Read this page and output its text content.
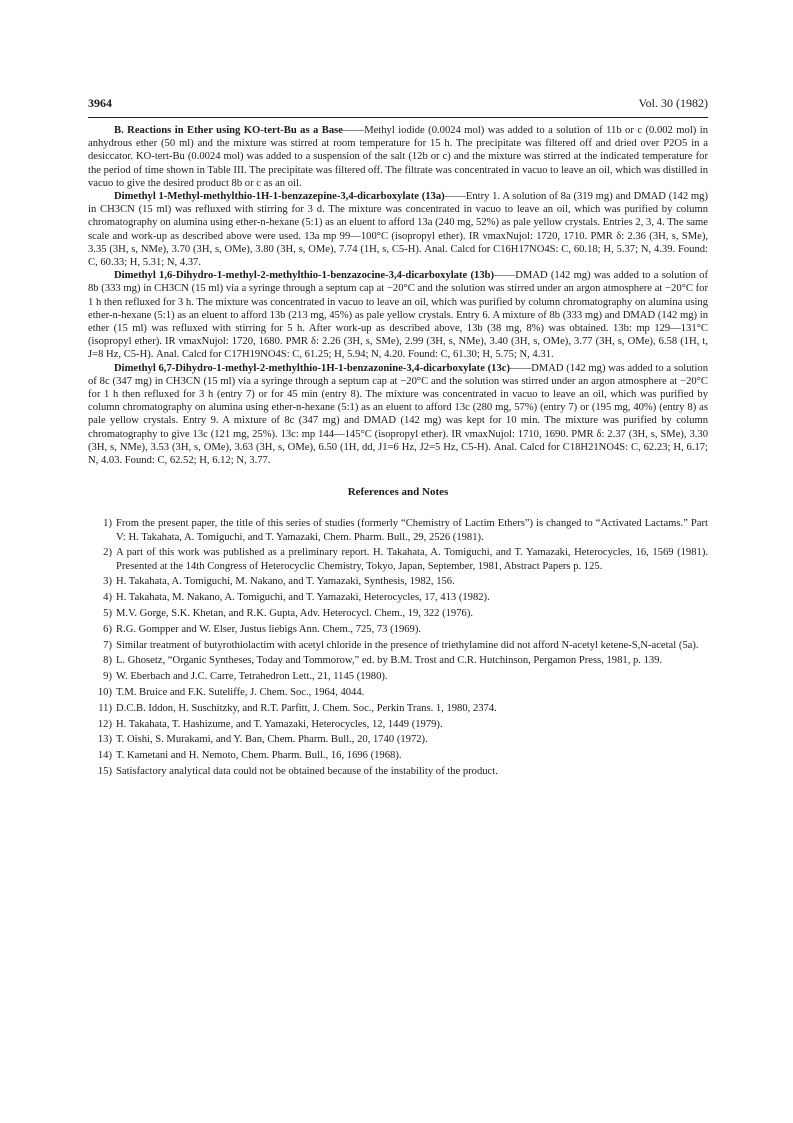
3964	Vol. 30 (1982)

B. Reactions in Ether using KO-tert-Bu as a Base——Methyl iodide (0.0024 mol) was added to a solution of 11b or c (0.002 mol) in anhydrous ether (50 ml) and the mixture was stirred at room temperature for 15 h. The precipitate was filtered off and dried over P2O5 in a desiccator. KO-tert-Bu (0.0024 mol) was added to a suspension of the salt (12b or c) and the mixture was stirred at the indicated temperature for the period of time shown in Table III. The precipitate was filtered off. The filtrate was concentrated in vacuo to leave an oil, which was distilled in vacuo to give the desired product 8b or c as an oil.

Dimethyl 1-Methyl-methylthio-1H-1-benzazepine-3,4-dicarboxylate (13a)——Entry 1. A solution of 8a (319 mg) and DMAD (142 mg) in CH3CN (15 ml) was refluxed with stirring for 3 d. The mixture was concentrated in vacuo to leave an oil, which was purified by column chromatography on alumina using ether-n-hexane (5:1) as an eluent to afford 13a (240 mg, 52%) as pale yellow crystals. Entries 2, 3, 4. The same scale and work-up as described above were used. 13a mp 99—100°C (isopropyl ether). IR νmaxNujol: 1720, 1710. PMR δ: 2.36 (3H, s, SMe), 3.35 (3H, s, NMe), 3.70 (3H, s, OMe), 3.80 (3H, s, OMe), 7.74 (1H, s, C5-H). Anal. Calcd for C16H17NO4S: C, 60.18; H, 5.37; N, 4.39. Found: C, 60.33; H, 5.31; N, 4.37.

Dimethyl 1,6-Dihydro-1-methyl-2-methylthio-1-benzazocine-3,4-dicarboxylate (13b)——DMAD (142 mg) was added to a solution of 8b (333 mg) in CH3CN (15 ml) via a syringe through a septum cap at −20°C and the solution was stirred under an argon atmosphere at −20°C for 1 h then refluxed for 3 h. The mixture was concentrated in vacuo to leave an oil, which was purified by column chromatography on alumina using ether-n-hexane (5:1) as an eluent to afford 13b (213 mg, 45%) as pale yellow crystals. Entry 6. A mixture of 8b (333 mg) and DMAD (142 mg) in ether (15 ml) was refluxed with stirring for 5 h. After work-up as described above, 13b (38 mg, 8%) was obtained. 13b: mp 129—131°C (isopropyl ether). IR νmaxNujol: 1720, 1680. PMR δ: 2.26 (3H, s, SMe), 2.99 (3H, s, NMe), 3.40 (3H, s, OMe), 3.77 (3H, s, OMe), 6.58 (1H, t, J=8 Hz, C5-H). Anal. Calcd for C17H19NO4S: C, 61.25; H, 5.94; N, 4.20. Found: C, 61.30; H, 5.75; N, 4.31.

Dimethyl 6,7-Dihydro-1-methyl-2-methylthio-1H-1-benzazonine-3,4-dicarboxylate (13c)——DMAD (142 mg) was added to a solution of 8c (347 mg) in CH3CN (15 ml) via a syringe through a septum cap at −20°C and the solution was stirred under an argon atmosphere at −20°C for 1 h then refluxed for 3 h (entry 7) or for 45 min (entry 8). The mixture was concentrated in vacuo to leave an oil, which was purified by column chromatography on alumina using ether-n-hexane (5:1) as an eluent to afford 13c (280 mg, 57%) (entry 7) or (195 mg, 40%) (entry 8) as pale yellow crystals. Entry 9. A mixture of 8c (347 mg) and DMAD (142 mg) was kept for 10 min. The mixture was purified by column chromatography to give 13c (121 mg, 25%). 13c: mp 144—145°C (isopropyl ether). IR νmaxNujol: 1710, 1690. PMR δ: 2.37 (3H, s, SMe), 3.30 (3H, s, NMe), 3.53 (3H, s, OMe), 3.63 (3H, s, OMe), 6.50 (1H, dd, J1=6 Hz, J2=5 Hz, C5-H). Anal. Calcd for C18H21NO4S: C, 62.23; H, 6.17; N, 4.03. Found: C, 62.52; H, 6.12; N, 3.77.

References and Notes
1) From the present paper, the title of this series of studies (formerly “Chemistry of Lactim Ethers”) is changed to “Activated Lactams.” Part V: H. Takahata, A. Tomiguchi, and T. Yamazaki, Chem. Pharm. Bull., 29, 2526 (1981).
2) A part of this work was published as a preliminary report. H. Takahata, A. Tomiguchi, and T. Yamazaki, Heterocycles, 16, 1569 (1981). Presented at the 14th Congress of Heterocyclic Chemistry, Tokyo, Japan, September, 1981, Abstract Papers p. 125.
3) H. Takahata, A. Tomiguchi, M. Nakano, and T. Yamazaki, Synthesis, 1982, 156.
4) H. Takahata, M. Nakano, A. Tomiguchi, and T. Yamazaki, Heterocycles, 17, 413 (1982).
5) M.V. Gorge, S.K. Khetan, and R.K. Gupta, Adv. Heterocycl. Chem., 19, 322 (1976).
6) R.G. Gompper and W. Elser, Justus liebigs Ann. Chem., 725, 73 (1969).
7) Similar treatment of butyrothiolactim with acetyl chloride in the presence of triethylamine did not afford N-acetyl ketene-S,N-acetal (5a).
8) L. Ghosetz, “Organic Syntheses, Today and Tommorow,” ed. by B.M. Trost and C.R. Hutchinson, Pergamon Press, 1981, p. 139.
9) W. Eberbach and J.C. Carre, Tetrahedron Lett., 21, 1145 (1980).
10) T.M. Bruice and F.K. Suteliffe, J. Chem. Soc., 1964, 4044.
11) D.C.B. Iddon, H. Suschitzky, and R.T. Parfitt, J. Chem. Soc., Perkin Trans. 1, 1980, 2374.
12) H. Takahata, T. Hashizume, and T. Yamazaki, Heterocycles, 12, 1449 (1979).
13) T. Oishi, S. Murakami, and Y. Ban, Chem. Pharm. Bull., 20, 1740 (1972).
14) T. Kametani and H. Nemoto, Chem. Pharm. Bull., 16, 1696 (1968).
15) Satisfactory analytical data could not be obtained because of the instability of the product.
